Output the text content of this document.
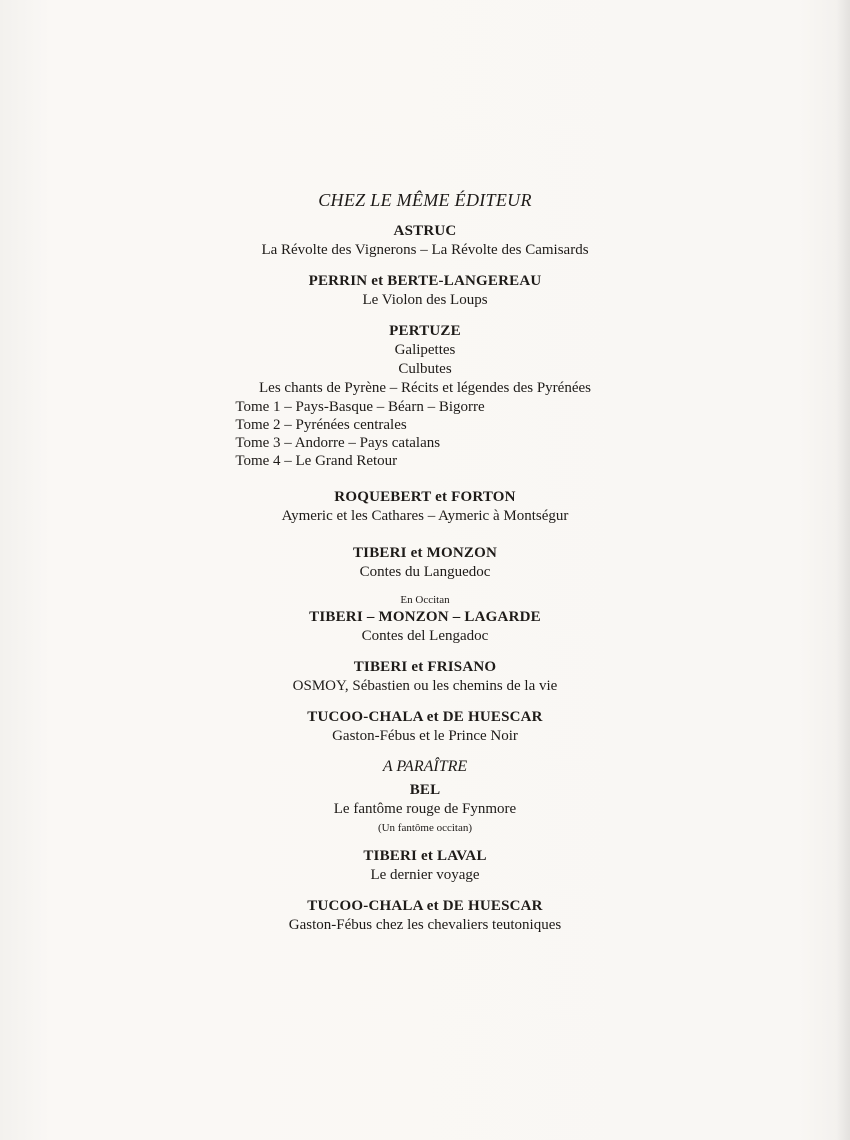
CHEZ LE MÊME ÉDITEUR
ASTRUC
La Révolte des Vignerons – La Révolte des Camisards
PERRIN et BERTE-LANGEREAU
Le Violon des Loups
PERTUZE
Galipettes
Culbutes
Les chants de Pyrène – Récits et légendes des Pyrénées
Tome 1 – Pays-Basque – Béarn – Bigorre
Tome 2 – Pyrénées centrales
Tome 3 – Andorre – Pays catalans
Tome 4 – Le Grand Retour
ROQUEBERT et FORTON
Aymeric et les Cathares – Aymeric à Montségur
TIBERI et MONZON
Contes du Languedoc
En Occitan
TIBERI – MONZON – LAGARDE
Contes del Lengadoc
TIBERI et FRISANO
OSMOY, Sébastien ou les chemins de la vie
TUCOO-CHALA et DE HUESCAR
Gaston-Fébus et le Prince Noir
A PARAÎTRE
BEL
Le fantôme rouge de Fynmore
(Un fantôme occitan)
TIBERI et LAVAL
Le dernier voyage
TUCOO-CHALA et DE HUESCAR
Gaston-Fébus chez les chevaliers teutoniques
